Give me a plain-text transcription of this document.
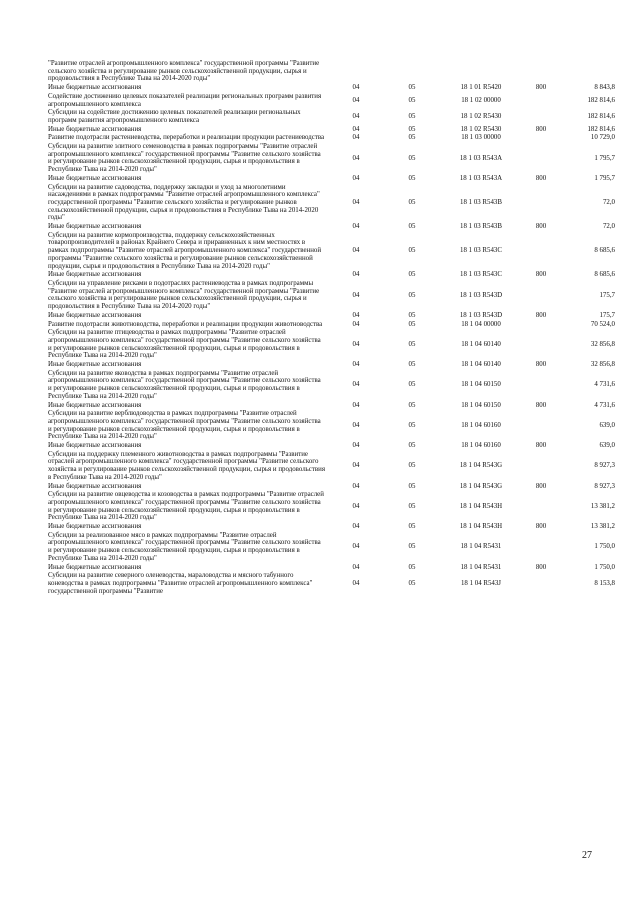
"Развитие отраслей агропромышленного комплекса" государственной программы "Развитие сельского хозяйства и регулирование рынков сельскохозяйственной продукции, сырья и продовольствия в Республике Тыва на 2014-2020 годы"					
Иные бюджетные ассигнования	04	05	18 1 01 R5420	800	8 843,8
Содействие достижению целевых показателей реализации региональных программ развития агропромышленного комплекса	04	05	18 1 02 00000		182 814,6
Субсидии на содействие достижению целевых показателей реализации региональных программ развития агропромышленного комплекса	04	05	18 1 02 R5430		182 814,6
Иные бюджетные ассигнования	04	05	18 1 02 R5430	800	182 814,6
Развитие подотрасли растениеводства, переработки и реализации продукции растениеводства	04	05	18 1 03 00000		10 729,0
Субсидии на развитие элитного семеноводства в рамках подпрограммы "Развитие отраслей агропромышленного комплекса" государственной программы "Развитие сельского хозяйства и регулирование рынков сельскохозяйственной продукции, сырья и продовольствия в Республике Тыва на 2014-2020 годы"	04	05	18 1 03 R543A		1 795,7
Иные бюджетные ассигнования	04	05	18 1 03 R543A	800	1 795,7
Субсидии на развитие садоводства, поддержку закладки и уход за многолетними насаждениями в рамках подпрограммы "Развитие отраслей агропромышленного комплекса" государственной программы "Развитие сельского хозяйства и регулирование рынков сельскохозяйственной продукции, сырья и продовольствия в Республике Тыва на 2014-2020 годы"	04	05	18 1 03 R543B		72,0
Иные бюджетные ассигнования	04	05	18 1 03 R543B	800	72,0
Субсидии на развитие кормопроизводства, поддержку сельскохозяйственных товаропроизводителей в районах Крайнего Севера и приравненных к ним местностях в рамках подпрограммы "Развитие отраслей агропромышленного комплекса" государственной программы "Развитие сельского хозяйства и регулирование рынков сельскохозяйственной продукции, сырья и продовольствия в Республике Тыва на 2014-2020 годы"	04	05	18 1 03 R543C		8 685,6
Иные бюджетные ассигнования	04	05	18 1 03 R543C	800	8 685,6
Субсидии на управление рисками в подотраслях растениеводства в рамках подпрограммы "Развитие отраслей агропромышленного комплекса" государственной программы "Развитие сельского хозяйства и регулирование рынков сельскохозяйственной продукции, сырья и продовольствия в Республике Тыва на 2014-2020 годы"	04	05	18 1 03 R543D		175,7
Иные бюджетные ассигнования	04	05	18 1 03 R543D	800	175,7
Развитие подотрасли животноводства, переработки и реализации продукции животноводства	04	05	18 1 04 00000		70 524,0
Субсидии на развитие птицеводства в рамках подпрограммы "Развитие отраслей агропромышленного комплекса" государственной программы "Развитие сельского хозяйства и регулирование рынков сельскохозяйственной продукции, сырья и продовольствия в Республике Тыва на 2014-2020 годы"	04	05	18 1 04 60140		32 856,8
Иные бюджетные ассигнования	04	05	18 1 04 60140	800	32 856,8
Субсидии на развитие яководства в рамках подпрограммы "Развитие отраслей агропромышленного комплекса" государственной программы "Развитие сельского хозяйства и регулирование рынков сельскохозяйственной продукции, сырья и продовольствия в Республике Тыва на 2014-2020 годы"	04	05	18 1 04 60150		4 731,6
Иные бюджетные ассигнования	04	05	18 1 04 60150	800	4 731,6
Субсидии на развитие верблюдоводства в рамках подпрограммы "Развитие отраслей агропромышленного комплекса" государственной программы "Развитие сельского хозяйства и регулирование рынков сельскохозяйственной продукции, сырья и продовольствия в Республике Тыва на 2014-2020 годы"	04	05	18 1 04 60160		639,0
Иные бюджетные ассигнования	04	05	18 1 04 60160	800	639,0
Субсидии на поддержку племенного животноводства в рамках подпрограммы "Развитие отраслей агропромышленного комплекса" государственной программы "Развитие сельского хозяйства и регулирование рынков сельскохозяйственной продукции, сырья и продовольствия в Республике Тыва на 2014-2020 годы"	04	05	18 1 04 R543G		8 927,3
Иные бюджетные ассигнования	04	05	18 1 04 R543G	800	8 927,3
Субсидии на развитие овцеводства и козоводства в рамках подпрограммы "Развитие отраслей агропромышленного комплекса" государственной программы "Развитие сельского хозяйства и регулирование рынков сельскохозяйственной продукции, сырья и продовольствия в Республике Тыва на 2014-2020 годы"	04	05	18 1 04 R543H		13 381,2
Иные бюджетные ассигнования	04	05	18 1 04 R543H	800	13 381,2
Субсидии за реализованное мясо в рамках подпрограммы "Развитие отраслей агропромышленного комплекса" государственной программы "Развитие сельского хозяйства и регулирование рынков сельскохозяйственной продукции, сырья и продовольствия в Республике Тыва на 2014-2020 годы"	04	05	18 1 04 R5431		1 750,0
Иные бюджетные ассигнования	04	05	18 1 04 R5431	800	1 750,0
Субсидии на развитие северного оленеводства, мараловодства и мясного табунного коневодства в рамках подпрограммы "Развитие отраслей агропромышленного комплекса" государственной программы "Развитие	04	05	18 1 04 R543J		8 153,8
27
